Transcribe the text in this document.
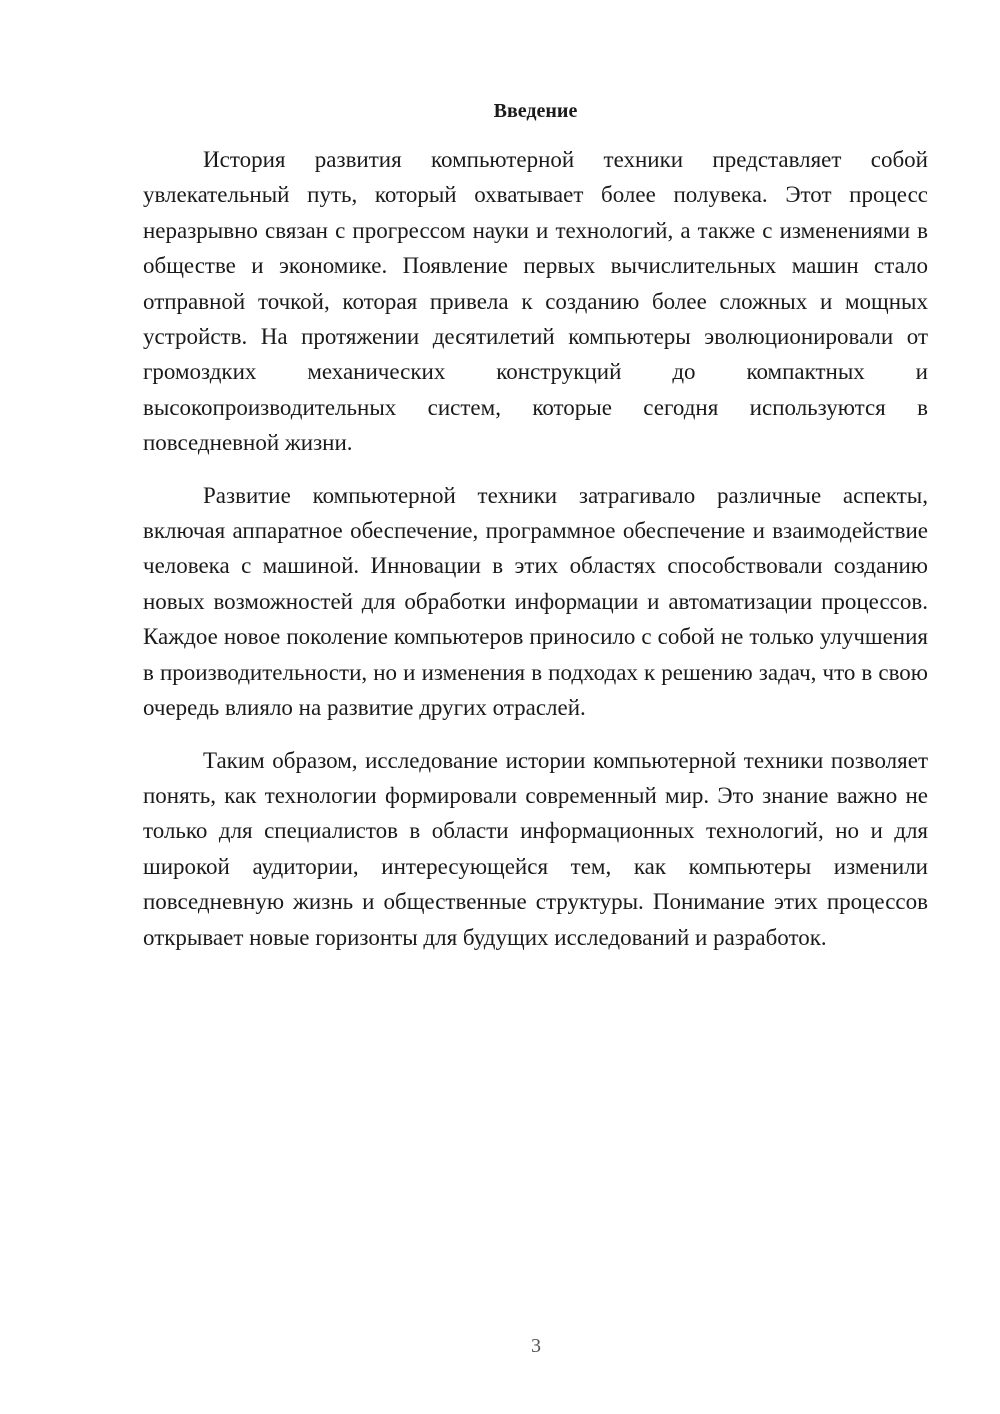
Введение

История развития компьютерной техники представляет собой увлекательный путь, который охватывает более полувека. Этот процесс неразрывно связан с прогрессом науки и технологий, а также с изменениями в обществе и экономике. Появление первых вычислительных машин стало отправной точкой, которая привела к созданию более сложных и мощных устройств. На протяжении десятилетий компьютеры эволюционировали от громоздких механических конструкций до компактных и высокопроизводительных систем, которые сегодня используются в повседневной жизни.

Развитие компьютерной техники затрагивало различные аспекты, включая аппаратное обеспечение, программное обеспечение и взаимодействие человека с машиной. Инновации в этих областях способствовали созданию новых возможностей для обработки информации и автоматизации процессов. Каждое новое поколение компьютеров приносило с собой не только улучшения в производительности, но и изменения в подходах к решению задач, что в свою очередь влияло на развитие других отраслей.

Таким образом, исследование истории компьютерной техники позволяет понять, как технологии формировали современный мир. Это знание важно не только для специалистов в области информационных технологий, но и для широкой аудитории, интересующейся тем, как компьютеры изменили повседневную жизнь и общественные структуры. Понимание этих процессов открывает новые горизонты для будущих исследований и разработок.

3
